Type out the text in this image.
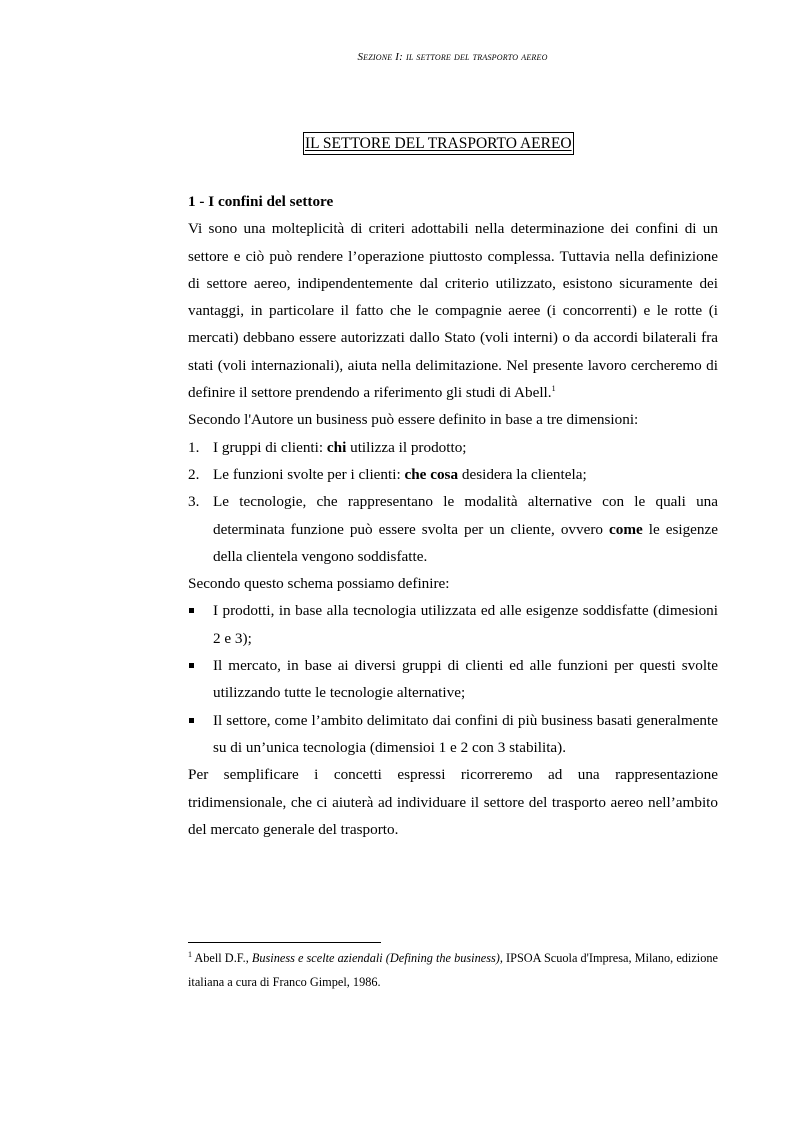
Sezione I: il settore del trasporto aereo
IL SETTORE DEL TRASPORTO AEREO

1 - I confini del settore

Vi sono una molteplicità di criteri adottabili nella determinazione dei confini di un settore e ciò può rendere l’operazione piuttosto complessa. Tuttavia nella definizione di settore aereo, indipendentemente dal criterio utilizzato, esistono sicuramente dei vantaggi, in particolare il fatto che le compagnie aeree (i concorrenti) e le rotte (i mercati) debbano essere autorizzati dallo Stato (voli interni) o da accordi bilaterali fra stati (voli internazionali), aiuta nella delimitazione. Nel presente lavoro cercheremo di definire il settore prendendo a riferimento gli studi di Abell.$^1$

Secondo l'Autore un business può essere definito in base a tre dimensioni:

1. I gruppi di clienti: chi utilizza il prodotto;
2. Le funzioni svolte per i clienti: che cosa desidera la clientela;
3. Le tecnologie, che rappresentano le modalità alternative con le quali una determinata funzione può essere svolta per un cliente, ovvero come le esigenze della clientela vengono soddisfatte.

Secondo questo schema possiamo definire:

I prodotti, in base alla tecnologia utilizzata ed alle esigenze soddisfatte (dimesioni 2 e 3);
Il mercato, in base ai diversi gruppi di clienti ed alle funzioni per questi svolte utilizzando tutte le tecnologie alternative;
Il settore, come l’ambito delimitato dai confini di più business basati generalmente su di un’unica tecnologia (dimensioi 1 e 2 con 3 stabilita).

Per semplificare i concetti espressi ricorreremo ad una rappresentazione tridimensionale, che ci aiuterà ad individuare il settore del trasporto aereo nell’ambito del mercato generale del trasporto.

$^1$ Abell D.F., Business e scelte aziendali (Defining the business), IPSOA Scuola d'Impresa, Milano, edizione italiana a cura di Franco Gimpel, 1986.
